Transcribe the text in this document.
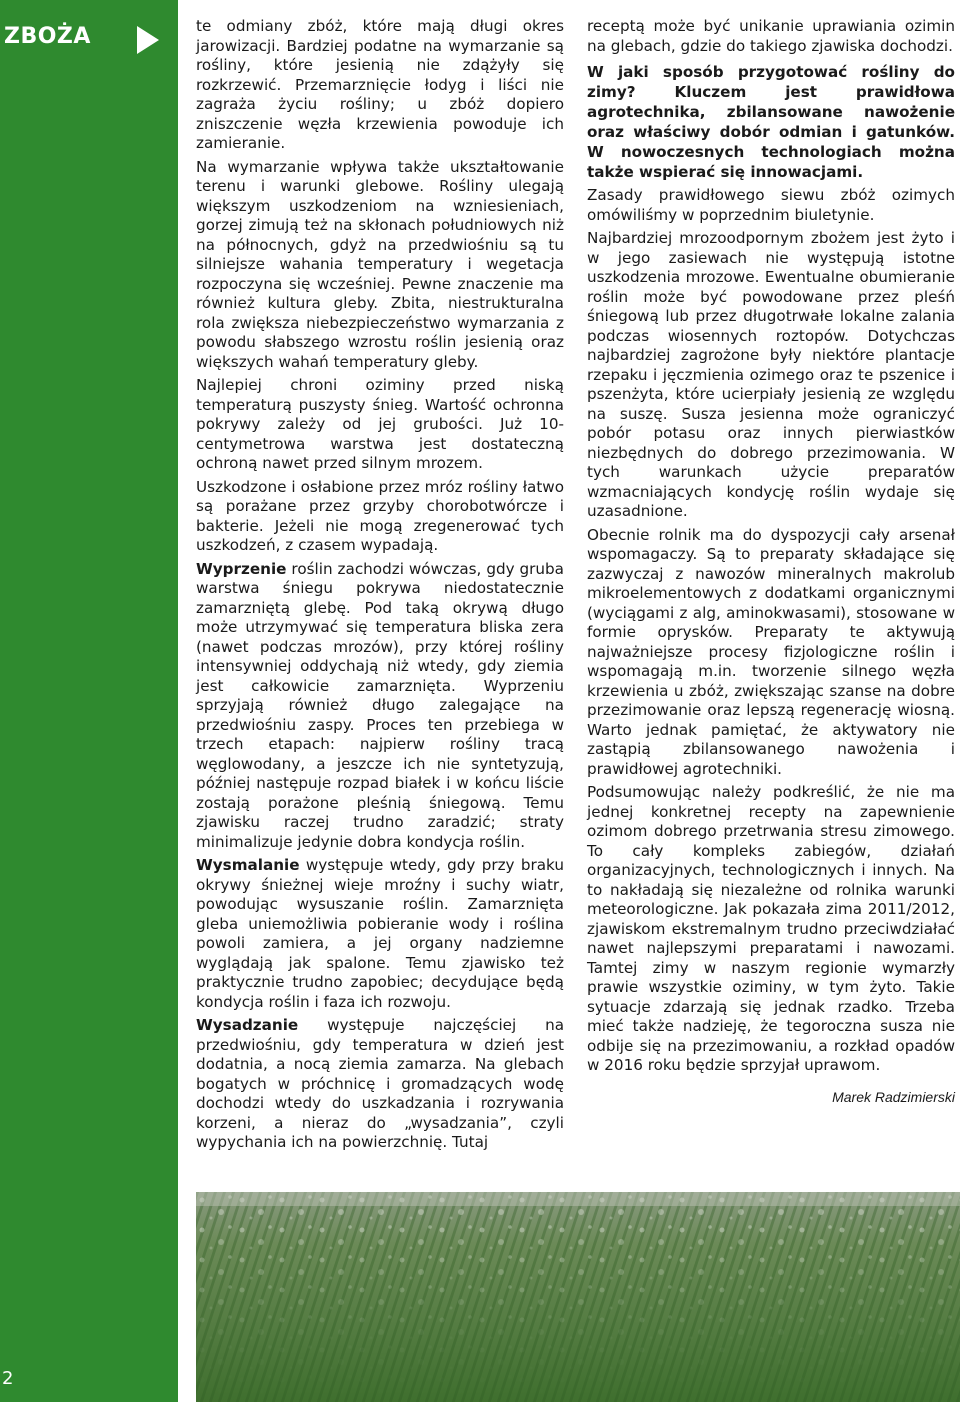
ZBOŻA
2

te odmiany zbóż, które mają długi okres jarowizacji. Bardziej podatne na wymarzanie są rośliny, które jesienią nie zdążyły się rozkrzewić. Przemarznięcie łodyg i liści nie zagraża życiu rośliny; u zbóż dopiero zniszczenie węzła krzewienia powoduje ich zamieranie.

Na wymarzanie wpływa także ukształtowanie terenu i warunki glebowe. Rośliny ulegają większym uszkodzeniom na wzniesieniach, gorzej zimują też na skłonach południowych niż na północnych, gdyż na przedwiośniu są tu silniejsze wahania temperatury i wegetacja rozpoczyna się wcześniej. Pewne znaczenie ma również kultura gleby. Zbita, niestrukturalna rola zwiększa niebezpieczeństwo wymarzania z powodu słabszego wzrostu roślin jesienią oraz większych wahań temperatury gleby.

Najlepiej chroni oziminy przed niską temperaturą puszysty śnieg. Wartość ochronna pokrywy zależy od jej grubości. Już 10-centymetrowa warstwa jest dostateczną ochroną nawet przed silnym mrozem.

Uszkodzone i osłabione przez mróz rośliny łatwo są porażane przez grzyby chorobotwórcze i bakterie. Jeżeli nie mogą zregenerować tych uszkodzeń, z czasem wypadają.

Wyprzenie roślin zachodzi wówczas, gdy gruba warstwa śniegu pokrywa niedostatecznie zamarzniętą glebę. Pod taką okrywą długo może utrzymywać się temperatura bliska zera (nawet podczas mrozów), przy której rośliny intensywniej oddychają niż wtedy, gdy ziemia jest całkowicie zamarznięta. Wyprzeniu sprzyjają również długo zalegające na przedwiośniu zaspy. Proces ten przebiega w trzech etapach: najpierw rośliny tracą węglowodany, a jeszcze ich nie syntetyzują, później następuje rozpad białek i w końcu liście zostają porażone pleśnią śniegową. Temu zjawisku raczej trudno zaradzić; straty minimalizuje jedynie dobra kondycja roślin.

Wysmalanie występuje wtedy, gdy przy braku okrywy śnieżnej wieje mroźny i suchy wiatr, powodując wysuszanie roślin. Zamarznięta gleba uniemożliwia pobieranie wody i roślina powoli zamiera, a jej organy nadziemne wyglądają jak spalone. Temu zjawisko też praktycznie trudno zapobiec; decydujące będą kondycja roślin i faza ich rozwoju.

Wysadzanie występuje najczęściej na przedwiośniu, gdy temperatura w dzień jest dodatnia, a nocą ziemia zamarza. Na glebach bogatych w próchnicę i gromadzących wodę dochodzi wtedy do uszkadzania i rozrywania korzeni, a nieraz do „wysadzania”, czyli wypychania ich na powierzchnię. Tutaj

receptą może być unikanie uprawiania ozimin na glebach, gdzie do takiego zjawiska dochodzi.

W jaki sposób przygotować rośliny do zimy? Kluczem jest prawidłowa agrotechnika, zbilansowane nawożenie oraz właściwy dobór odmian i gatunków. W nowoczesnych technologiach można także wspierać się innowacjami.

Zasady prawidłowego siewu zbóż ozimych omówiliśmy w poprzednim biuletynie.

Najbardziej mrozoodpornym zbożem jest żyto i w jego zasiewach nie występują istotne uszkodzenia mrozowe. Ewentualne obumieranie roślin może być powodowane przez pleśń śniegową lub przez długotrwałe lokalne zalania podczas wiosennych roztopów. Dotychczas najbardziej zagrożone były niektóre plantacje rzepaku i jęczmienia ozimego oraz te pszenice i pszenżyta, które ucierpiały jesienią ze względu na suszę. Susza jesienna może ograniczyć pobór potasu oraz innych pierwiastków niezbędnych do dobrego przezimowania. W tych warunkach użycie preparatów wzmacniających kondycję roślin wydaje się uzasadnione.

Obecnie rolnik ma do dyspozycji cały arsenał wspomagaczy. Są to preparaty składające się zazwyczaj z nawozów mineralnych makrolub mikroelementowych z dodatkami organicznymi (wyciągami z alg, aminokwasami), stosowane w formie oprysków. Preparaty te aktywują najważniejsze procesy fizjologiczne roślin i wspomagają m.in. tworzenie silnego węzła krzewienia u zbóż, zwiększając szanse na dobre przezimowanie oraz lepszą regenerację wiosną. Warto jednak pamiętać, że aktywatory nie zastąpią zbilansowanego nawożenia i prawidłowej agrotechniki.

Podsumowując należy podkreślić, że nie ma jednej konkretnej recepty na zapewnienie ozimom dobrego przetrwania stresu zimowego. To cały kompleks zabiegów, działań organizacyjnych, technologicznych i innych. Na to nakładają się niezależne od rolnika warunki meteorologiczne. Jak pokazała zima 2011/2012, zjawiskom ekstremalnym trudno przeciwdziałać nawet najlepszymi preparatami i nawozami. Tamtej zimy w naszym regionie wymarzły prawie wszystkie oziminy, w tym żyto. Takie sytuacje zdarzają się jednak rzadko. Trzeba mieć także nadzieję, że tegoroczna susza nie odbije się na przezimowaniu, a rozkład opadów w 2016 roku będzie sprzyjał uprawom.

Marek Radzimierski
